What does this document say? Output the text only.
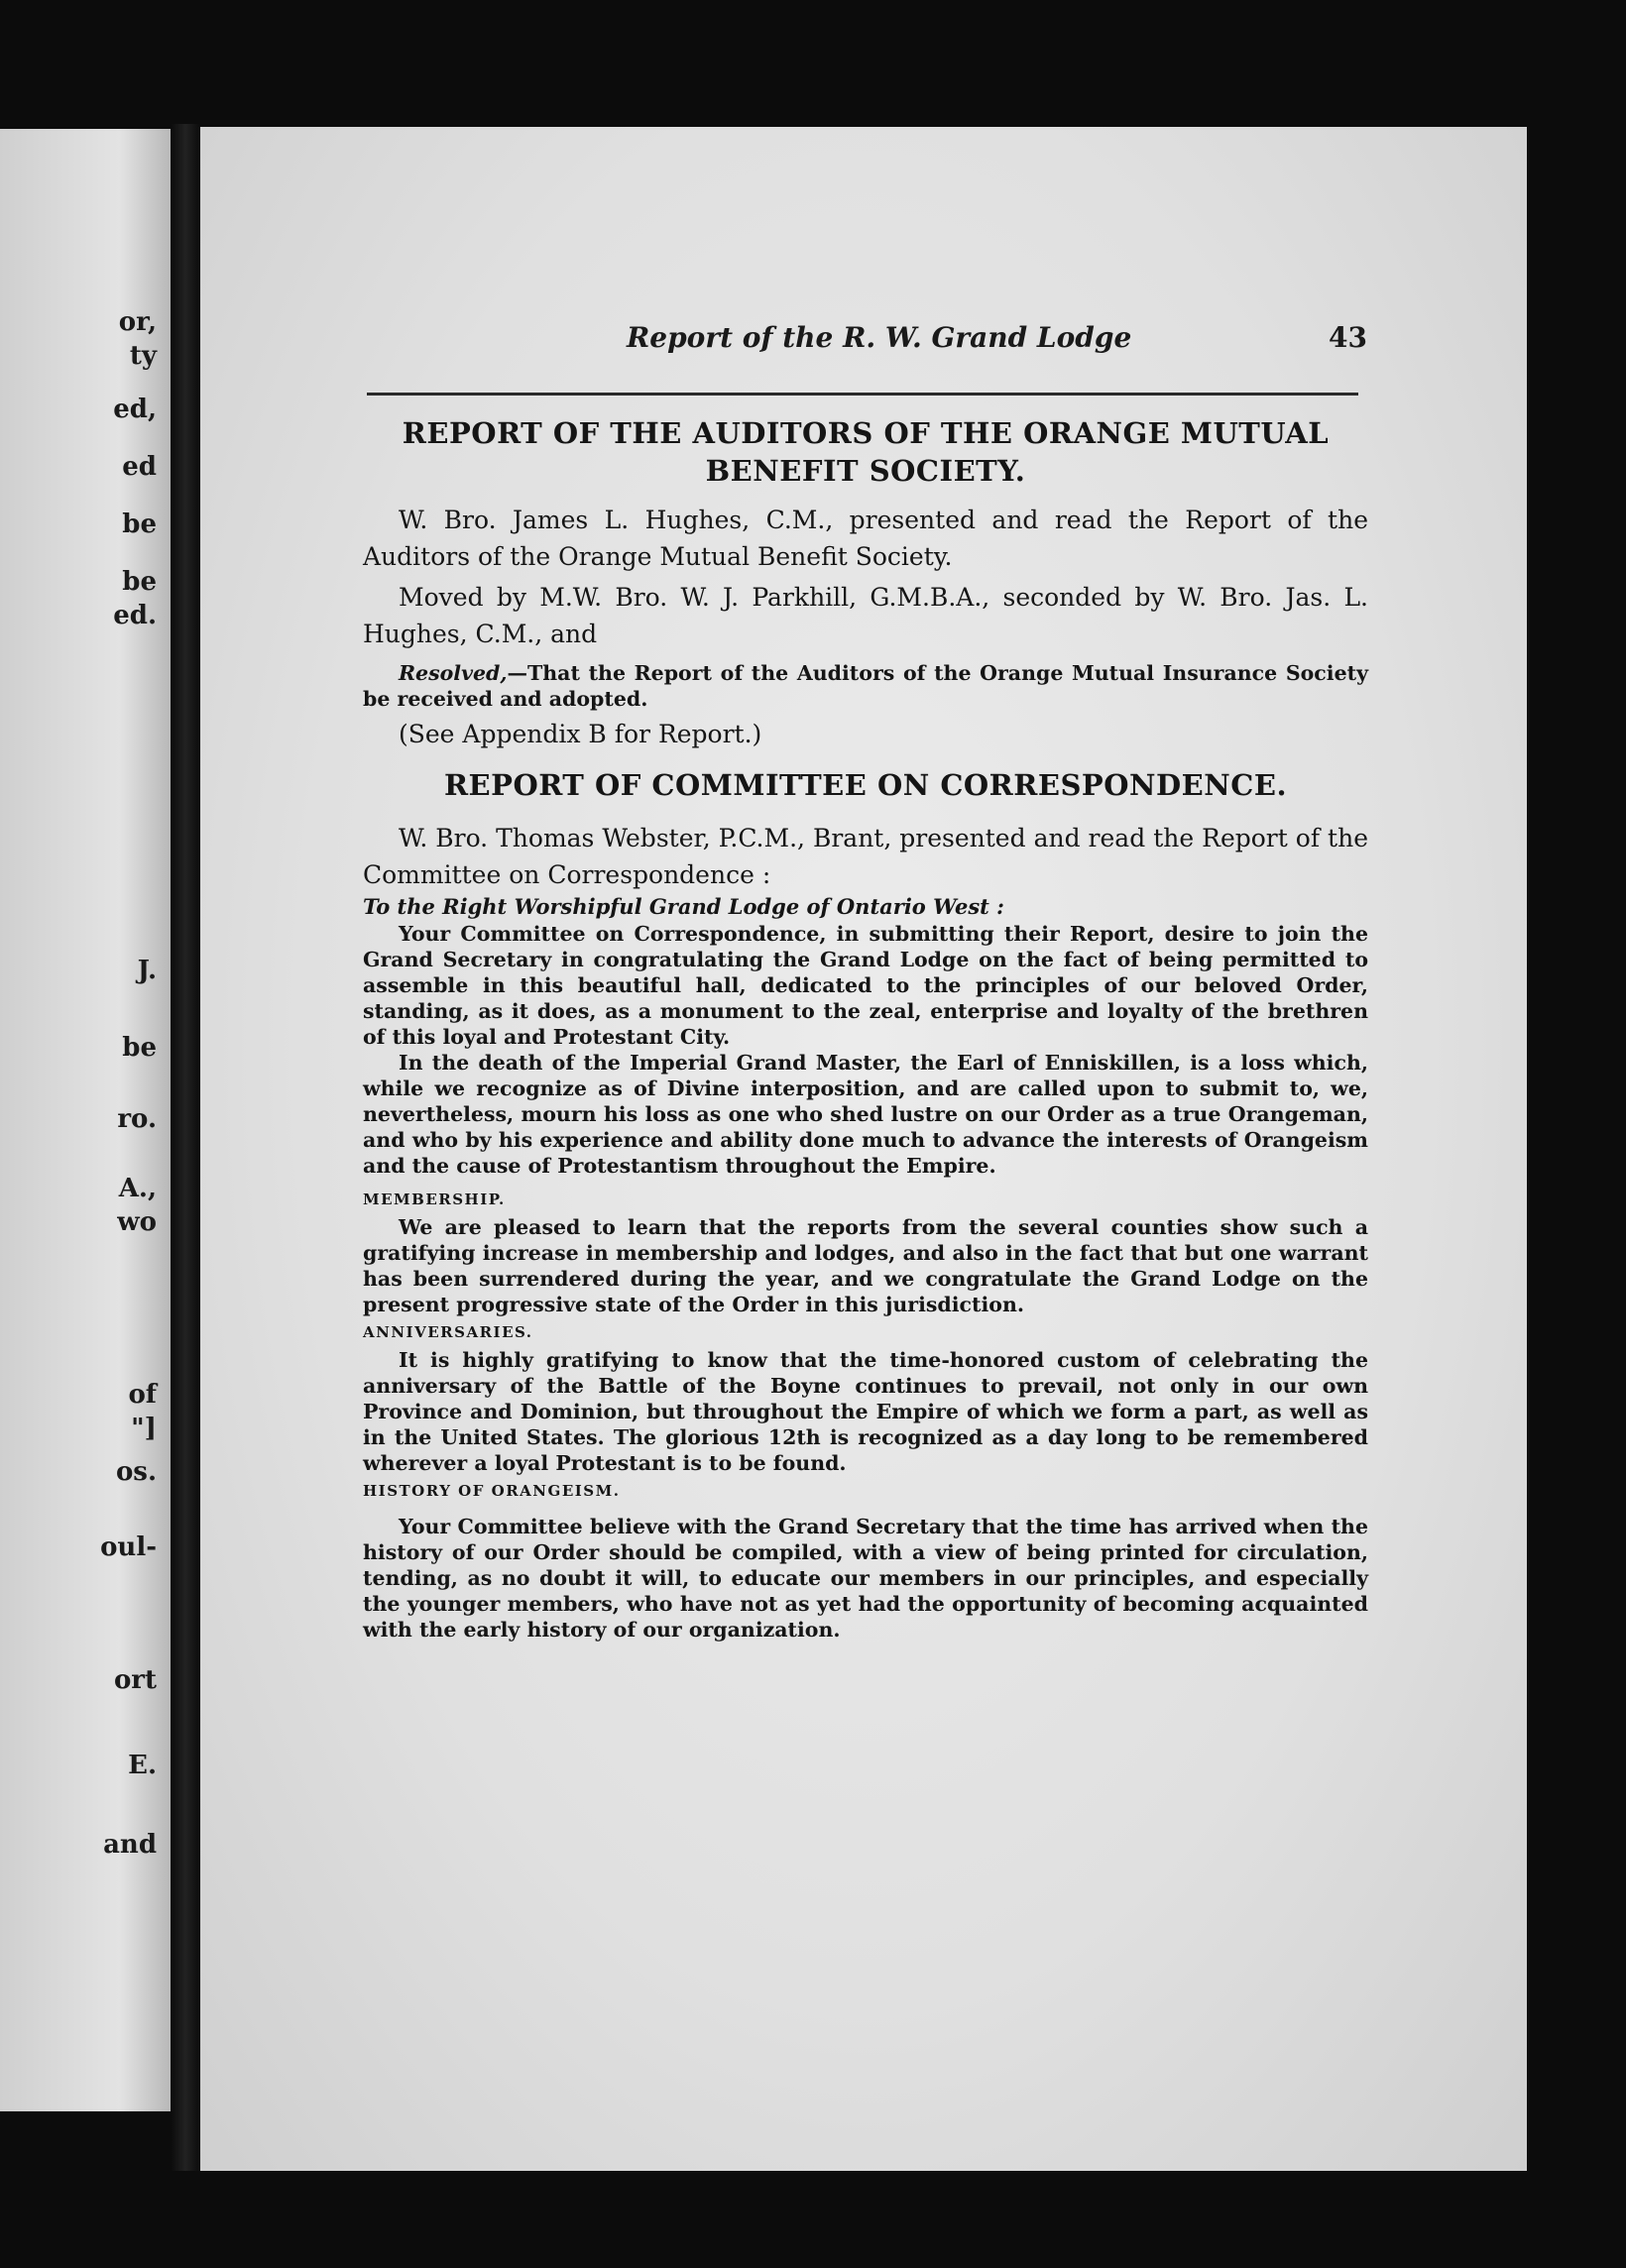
or,

ty

ed,

ed

be

be

ed.

J.

be

ro.

A.,

wo

of

"]

os.

oul-

ort

E.

and

Report of the R. W. Grand Lodge	43

REPORT OF THE AUDITORS OF THE ORANGE MUTUAL
BENEFIT SOCIETY.

W. Bro. James L. Hughes, C.M., presented and read the Report of the Auditors of the Orange Mutual Benefit Society.

Moved by M.W. Bro. W. J. Parkhill, G.M.B.A., seconded by W. Bro. Jas. L. Hughes, C.M., and

Resolved,—That the Report of the Auditors of the Orange Mutual Insurance Society be received and adopted.

(See Appendix B for Report.)

REPORT OF COMMITTEE ON CORRESPONDENCE.

W. Bro. Thomas Webster, P.C.M., Brant, presented and read the Report of the Committee on Correspondence :

To the Right Worshipful Grand Lodge of Ontario West :

Your Committee on Correspondence, in submitting their Report, desire to join the Grand Secretary in congratulating the Grand Lodge on the fact of being permitted to assemble in this beautiful hall, dedicated to the principles of our beloved Order, standing, as it does, as a monument to the zeal, enterprise and loyalty of the brethren of this loyal and Protestant City.

In the death of the Imperial Grand Master, the Earl of Enniskillen, is a loss which, while we recognize as of Divine interposition, and are called upon to submit to, we, nevertheless, mourn his loss as one who shed lustre on our Order as a true Orangeman, and who by his experience and ability done much to advance the interests of Orangeism and the cause of Protestantism throughout the Empire.

MEMBERSHIP.

We are pleased to learn that the reports from the several counties show such a gratifying increase in membership and lodges, and also in the fact that but one warrant has been surrendered during the year, and we congratulate the Grand Lodge on the present progressive state of the Order in this jurisdiction.

ANNIVERSARIES.

It is highly gratifying to know that the time-honored custom of celebrating the anniversary of the Battle of the Boyne continues to prevail, not only in our own Province and Dominion, but throughout the Empire of which we form a part, as well as in the United States. The glorious 12th is recognized as a day long to be remembered wherever a loyal Protestant is to be found.

HISTORY OF ORANGEISM.

Your Committee believe with the Grand Secretary that the time has arrived when the history of our Order should be compiled, with a view of being printed for circulation, tending, as no doubt it will, to educate our members in our principles, and especially the younger members, who have not as yet had the opportunity of becoming acquainted with the early history of our organization.
